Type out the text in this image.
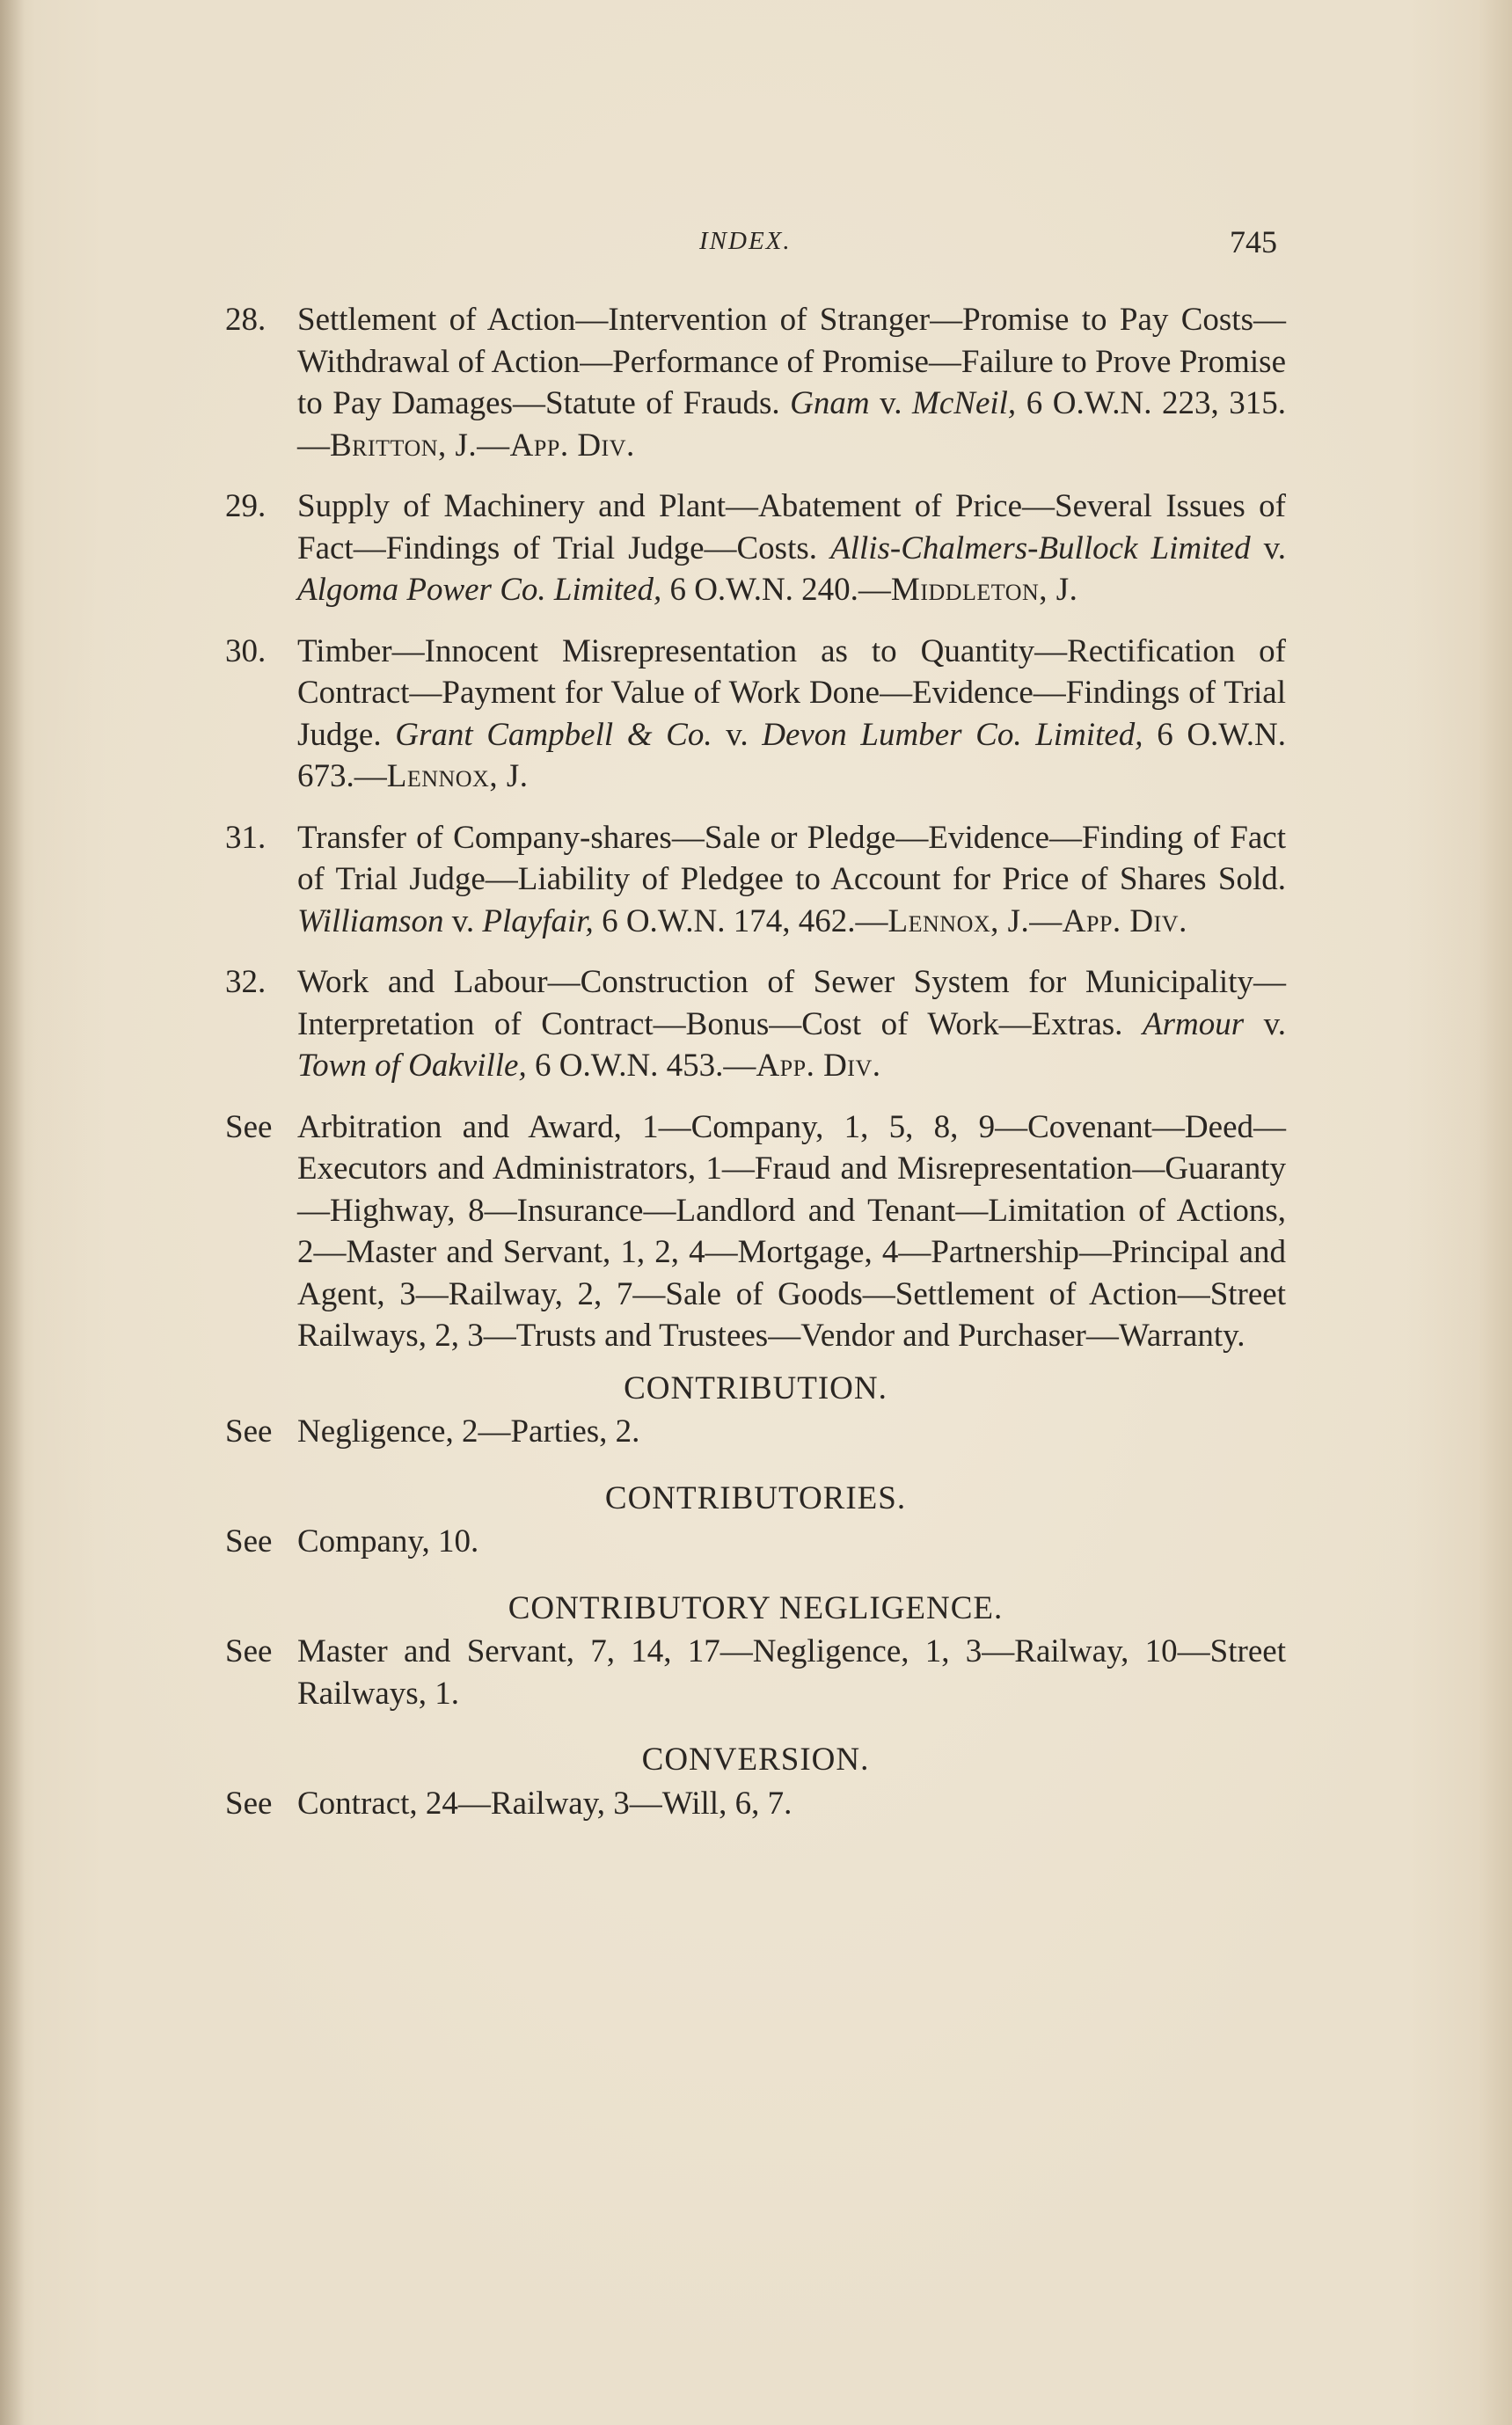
INDEX.	745
28. Settlement of Action—Intervention of Stranger—Promise to Pay Costs—Withdrawal of Action—Performance of Promise—Failure to Prove Promise to Pay Damages—Statute of Frauds. Gnam v. McNeil, 6 O.W.N. 223, 315.—Britton, J.—App. Div.
29. Supply of Machinery and Plant—Abatement of Price—Several Issues of Fact—Findings of Trial Judge—Costs. Allis-Chalmers-Bullock Limited v. Algoma Power Co. Limited, 6 O.W.N. 240.—Middleton, J.
30. Timber—Innocent Misrepresentation as to Quantity—Rectification of Contract—Payment for Value of Work Done—Evidence—Findings of Trial Judge. Grant Campbell & Co. v. Devon Lumber Co. Limited, 6 O.W.N. 673.—Lennox, J.
31. Transfer of Company-shares—Sale or Pledge—Evidence—Finding of Fact of Trial Judge—Liability of Pledgee to Account for Price of Shares Sold. Williamson v. Playfair, 6 O.W.N. 174, 462.—Lennox, J.—App. Div.
32. Work and Labour—Construction of Sewer System for Municipality—Interpretation of Contract—Bonus—Cost of Work—Extras. Armour v. Town of Oakville, 6 O.W.N. 453.—App. Div.
See Arbitration and Award, 1—Company, 1, 5, 8, 9—Covenant—Deed—Executors and Administrators, 1—Fraud and Misrepresentation—Guaranty—Highway, 8—Insurance—Landlord and Tenant—Limitation of Actions, 2—Master and Servant, 1, 2, 4—Mortgage, 4—Partnership—Principal and Agent, 3—Railway, 2, 7—Sale of Goods—Settlement of Action—Street Railways, 2, 3—Trusts and Trustees—Vendor and Purchaser—Warranty.
CONTRIBUTION.
See Negligence, 2—Parties, 2.
CONTRIBUTORIES.
See Company, 10.
CONTRIBUTORY NEGLIGENCE.
See Master and Servant, 7, 14, 17—Negligence, 1, 3—Railway, 10—Street Railways, 1.
CONVERSION.
See Contract, 24—Railway, 3—Will, 6, 7.
